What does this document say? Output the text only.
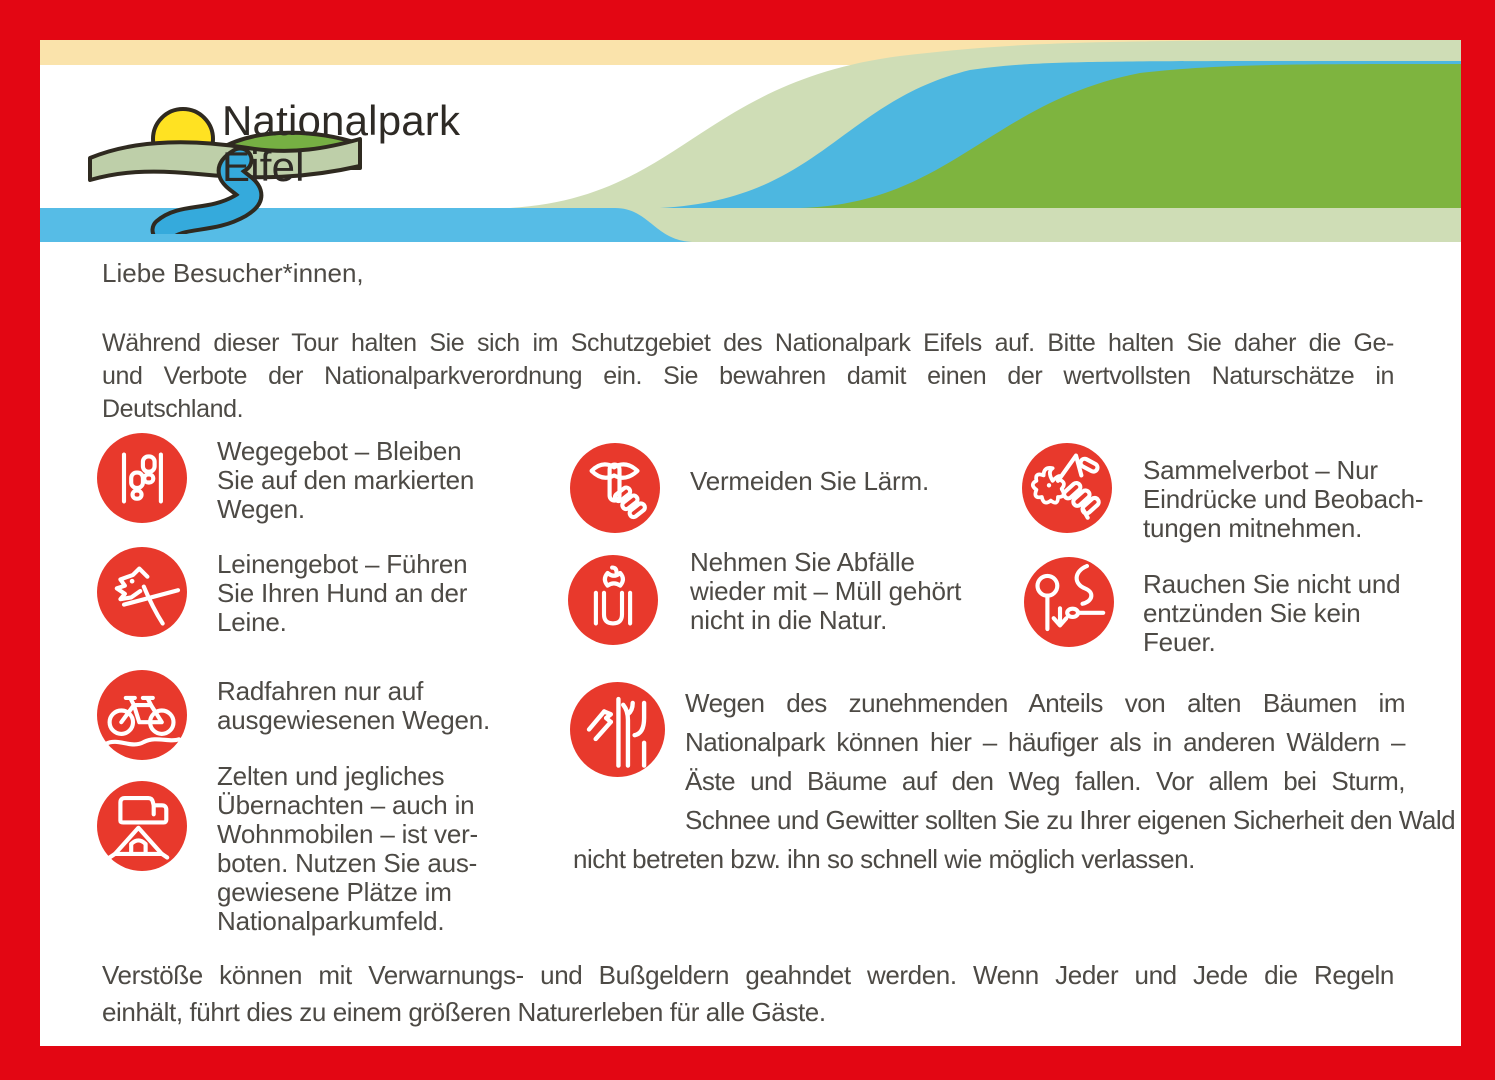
Nationalpark
Eifel
Liebe Besucher*innen,
Während dieser Tour halten Sie sich im Schutzgebiet des Nationalpark Eifels auf. Bitte halten Sie daher die Ge-
und Verbote der Nationalparkverordnung ein. Sie bewahren damit einen der wertvollsten Naturschätze in
Deutschland.
Wegegebot – Bleiben
Sie auf den markierten
Wegen.
Leinengebot – Führen
Sie Ihren Hund an der
Leine.
Radfahren nur auf
ausgewiesenen Wegen.
Zelten und jegliches
Übernachten – auch in
Wohnmobilen – ist ver-
boten. Nutzen Sie aus-
gewiesene Plätze im
Nationalparkumfeld.
Vermeiden Sie Lärm.
Nehmen Sie Abfälle
wieder mit – Müll gehört
nicht in die Natur.
Sammelverbot – Nur
Eindrücke und Beobach-
tungen mitnehmen.
Rauchen Sie nicht und
entzünden Sie kein
Feuer.
Wegen des zunehmenden Anteils von alten Bäumen im
Nationalpark können hier – häufiger als in anderen Wäldern –
Äste und Bäume auf den Weg fallen. Vor allem bei Sturm,
Schnee und Gewitter sollten Sie zu Ihrer eigenen Sicherheit den Wald
nicht betreten bzw. ihn so schnell wie möglich verlassen.
Verstöße können mit Verwarnungs- und Bußgeldern geahndet werden. Wenn Jeder und Jede die Regeln
einhält, führt dies zu einem größeren Naturerleben für alle Gäste.
